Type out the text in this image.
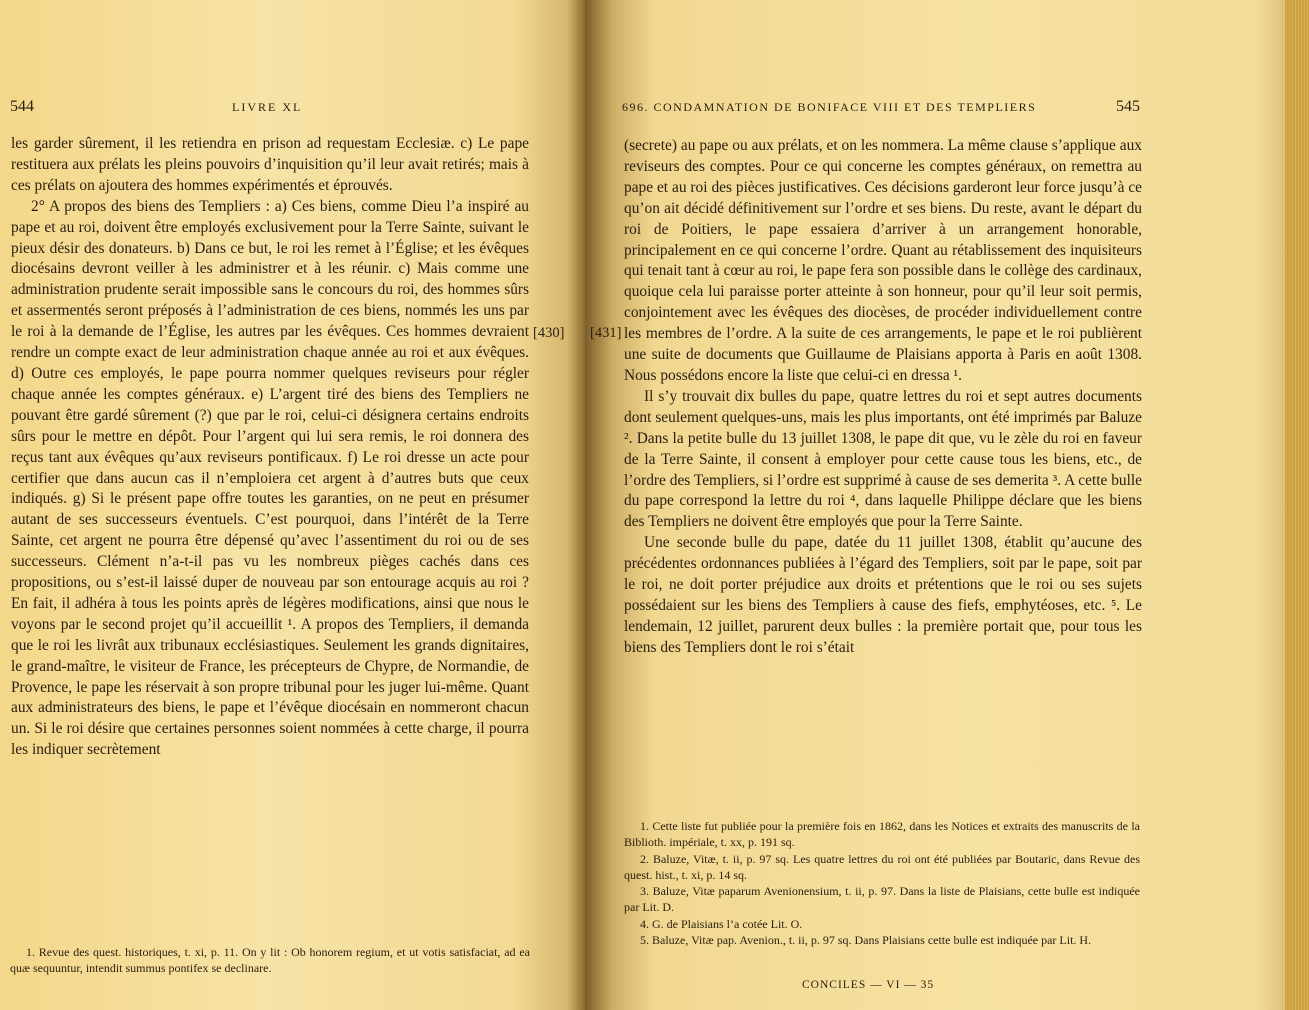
544	LIVRE XL	696. CONDAMNATION DE BONIFACE VIII ET DES TEMPLIERS	545

les garder sûrement, il les retiendra en prison ad requestam Ecclesiæ. c) Le pape restituera aux prélats les pleins pouvoirs d’inquisition qu’il leur avait retirés; mais à ces prélats on ajoutera des hommes expérimentés et éprouvés.

2° A propos des biens des Templiers : a) Ces biens, comme Dieu l’a inspiré au pape et au roi, doivent être employés exclusivement pour la Terre Sainte, suivant le pieux désir des donateurs. b) Dans ce but, le roi les remet à l’Église; et les évêques diocésains devront veiller à les administrer et à les réunir. c) Mais comme une administration prudente serait impossible sans le concours du roi, des hommes sûrs et assermentés seront préposés à l’administration de ces biens, nommés les uns par le roi à la demande de l’Église, les autres par les évêques. Ces hommes devraient rendre un compte exact de leur administration chaque année au roi et aux évêques. d) Outre ces employés, le pape pourra nommer quelques reviseurs pour régler chaque année les comptes généraux. e) L’argent tiré des biens des Templiers ne pouvant être gardé sûrement (?) que par le roi, celui-ci désignera certains endroits sûrs pour le mettre en dépôt. Pour l’argent qui lui sera remis, le roi donnera des reçus tant aux évêques qu’aux reviseurs pontificaux. f) Le roi dresse un acte pour certifier que dans aucun cas il n’emploiera cet argent à d’autres buts que ceux indiqués. g) Si le présent pape offre toutes les garanties, on ne peut en présumer autant de ses successeurs éventuels. C’est pourquoi, dans l’intérêt de la Terre Sainte, cet argent ne pourra être dépensé qu’avec l’assentiment du roi ou de ses successeurs. Clément n’a-t-il pas vu les nombreux pièges cachés dans ces propositions, ou s’est-il laissé duper de nouveau par son entourage acquis au roi ? En fait, il adhéra à tous les points après de légères modifications, ainsi que nous le voyons par le second projet qu’il accueillit ¹. A propos des Templiers, il demanda que le roi les livrât aux tribunaux ecclésiastiques. Seulement les grands dignitaires, le grand-maître, le visiteur de France, les précepteurs de Chypre, de Normandie, de Provence, le pape les réservait à son propre tribunal pour les juger lui-même. Quant aux administrateurs des biens, le pape et l’évêque diocésain en nommeront chacun un. Si le roi désire que certaines personnes soient nommées à cette charge, il pourra les indiquer secrètement

[430] [431]

(secrete) au pape ou aux prélats, et on les nommera. La même clause s’applique aux reviseurs des comptes. Pour ce qui concerne les comptes généraux, on remettra au pape et au roi des pièces justificatives. Ces décisions garderont leur force jusqu’à ce qu’on ait décidé définitivement sur l’ordre et ses biens. Du reste, avant le départ du roi de Poitiers, le pape essaiera d’arriver à un arrangement honorable, principalement en ce qui concerne l’ordre. Quant au rétablissement des inquisiteurs qui tenait tant à cœur au roi, le pape fera son possible dans le collège des cardinaux, quoique cela lui paraisse porter atteinte à son honneur, pour qu’il leur soit permis, conjointement avec les évêques des diocèses, de procéder individuellement contre les membres de l’ordre. A la suite de ces arrangements, le pape et le roi publièrent une suite de documents que Guillaume de Plaisians apporta à Paris en août 1308. Nous possédons encore la liste que celui-ci en dressa ¹.

Il s’y trouvait dix bulles du pape, quatre lettres du roi et sept autres documents dont seulement quelques-uns, mais les plus importants, ont été imprimés par Baluze ². Dans la petite bulle du 13 juillet 1308, le pape dit que, vu le zèle du roi en faveur de la Terre Sainte, il consent à employer pour cette cause tous les biens, etc., de l’ordre des Templiers, si l’ordre est supprimé à cause de ses demerita ³. A cette bulle du pape correspond la lettre du roi ⁴, dans laquelle Philippe déclare que les biens des Templiers ne doivent être employés que pour la Terre Sainte.

Une seconde bulle du pape, datée du 11 juillet 1308, établit qu’aucune des précédentes ordonnances publiées à l’égard des Templiers, soit par le pape, soit par le roi, ne doit porter préjudice aux droits et prétentions que le roi ou ses sujets possédaient sur les biens des Templiers à cause des fiefs, emphytéoses, etc. ⁵. Le lendemain, 12 juillet, parurent deux bulles : la première portait que, pour tous les biens des Templiers dont le roi s’était

1. Revue des quest. historiques, t. xi, p. 11. On y lit : Ob honorem regium, et ut votis satisfaciat, ad ea quæ sequuntur, intendit summus pontifex se declinare.

1. Cette liste fut publiée pour la première fois en 1862, dans les Notices et extraits des manuscrits de la Biblioth. impériale, t. xx, p. 191 sq.

2. Baluze, Vitæ, t. ii, p. 97 sq. Les quatre lettres du roi ont été publiées par Boutaric, dans Revue des quest. hist., t. xi, p. 14 sq.

3. Baluze, Vitæ paparum Avenionensium, t. ii, p. 97. Dans la liste de Plaisians, cette bulle est indiquée par Lit. D.

4. G. de Plaisians l’a cotée Lit. O.

5. Baluze, Vitæ pap. Avenion., t. ii, p. 97 sq. Dans Plaisians cette bulle est indiquée par Lit. H.

CONCILES — VI — 35
